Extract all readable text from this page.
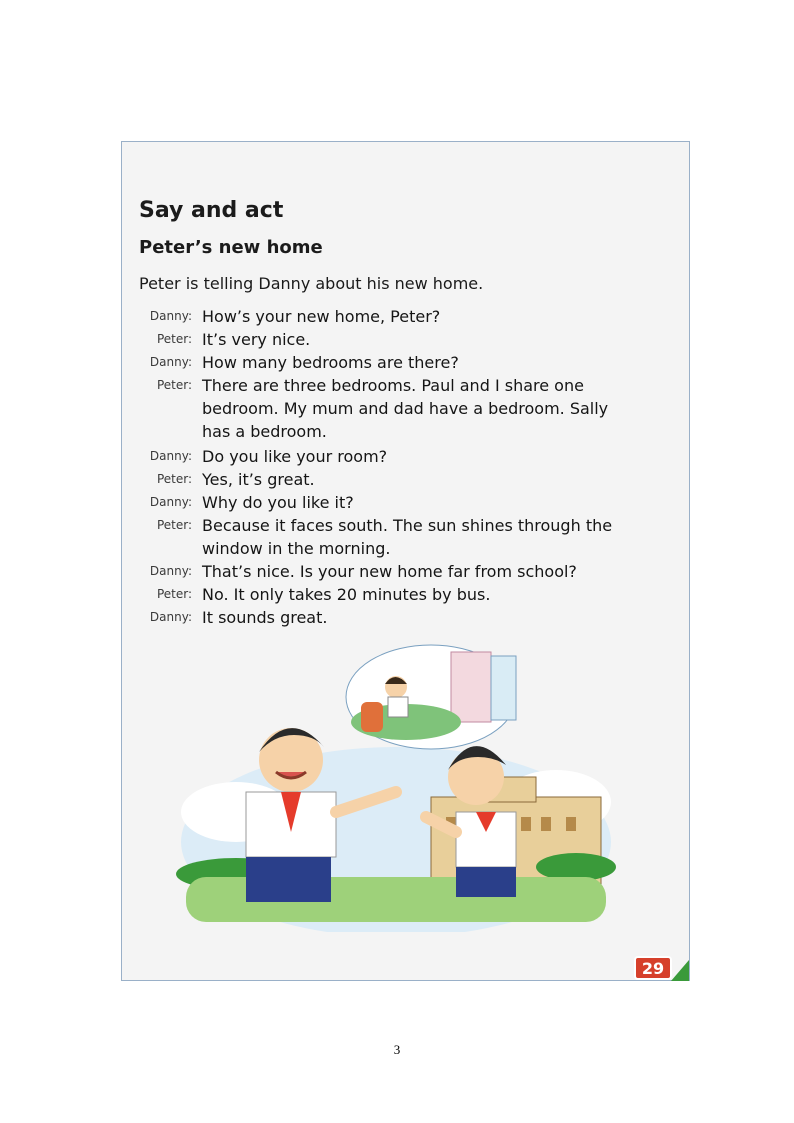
Say and act
Peter’s new home

Peter is telling Danny about his new home.

Danny: How’s your new home, Peter?
Peter: It’s very nice.
Danny: How many bedrooms are there?
Peter: There are three bedrooms. Paul and I share one bedroom. My mum and dad have a bedroom. Sally has a bedroom.
Danny: Do you like your room?
Peter: Yes, it’s great.
Danny: Why do you like it?
Peter: Because it faces south. The sun shines through the window in the morning.
Danny: That’s nice. Is your new home far from school?
Peter: No. It only takes 20 minutes by bus.
Danny: It sounds great.
29
3
